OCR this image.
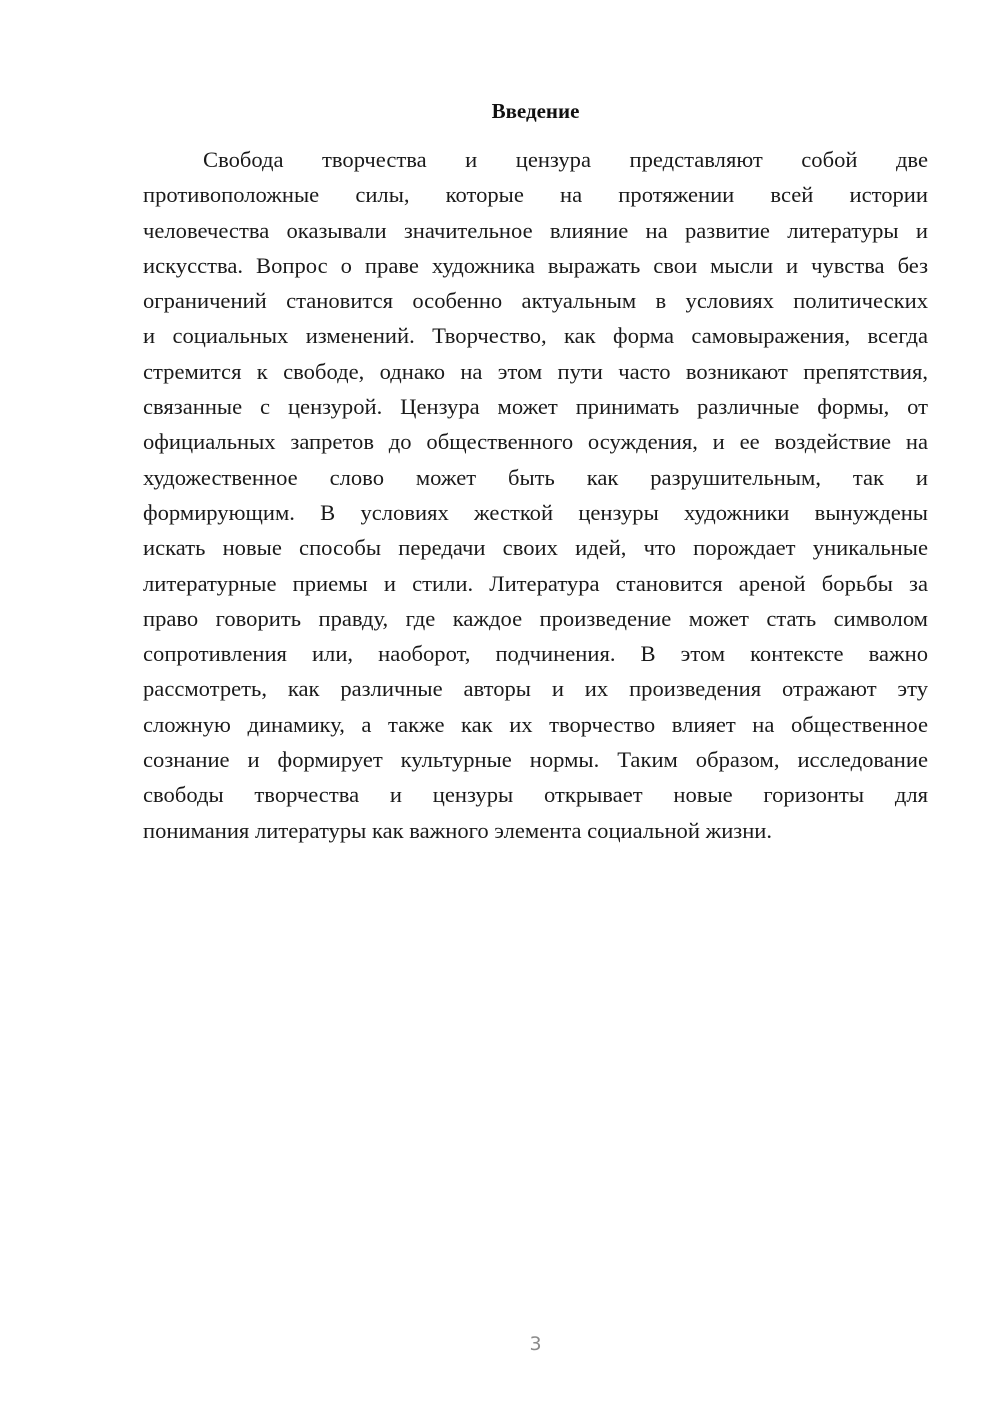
Введение
Свобода творчества и цензура представляют собой две
противоположные силы, которые на протяжении всей истории
человечества оказывали значительное влияние на развитие литературы и
искусства. Вопрос о праве художника выражать свои мысли и чувства без
ограничений становится особенно актуальным в условиях политических
и социальных изменений. Творчество, как форма самовыражения, всегда
стремится к свободе, однако на этом пути часто возникают препятствия,
связанные с цензурой. Цензура может принимать различные формы, от
официальных запретов до общественного осуждения, и ее воздействие на
художественное слово может быть как разрушительным, так и
формирующим. В условиях жесткой цензуры художники вынуждены
искать новые способы передачи своих идей, что порождает уникальные
литературные приемы и стили. Литература становится ареной борьбы за
право говорить правду, где каждое произведение может стать символом
сопротивления или, наоборот, подчинения. В этом контексте важно
рассмотреть, как различные авторы и их произведения отражают эту
сложную динамику, а также как их творчество влияет на общественное
сознание и формирует культурные нормы. Таким образом, исследование
свободы творчества и цензуры открывает новые горизонты для
понимания литературы как важного элемента социальной жизни.
3
